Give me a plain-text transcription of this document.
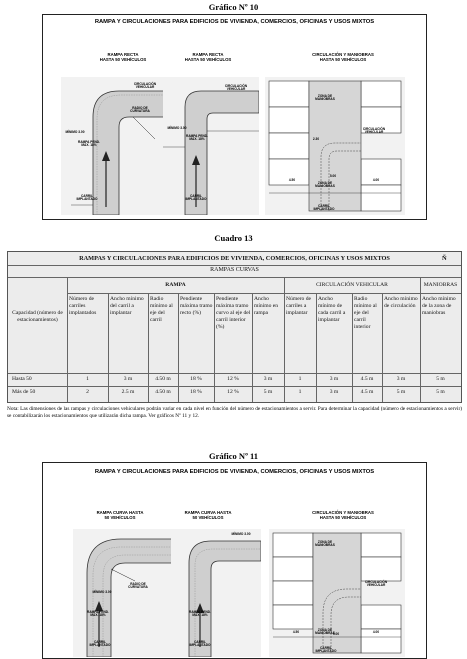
Gráfico Nº 10
RAMPA Y CIRCULACIONES PARA EDIFICIOS DE VIVIENDA, COMERCIOS, OFICINAS Y USOS MIXTOS
RAMPA RECTA
HASTA 50 VEHÍCULOS
CIRCULACIÓN VEHICULAR
RADIO DE CURVATURA
MÍNIMO 3.00
RAMPA PEND. MÁX. 18%
CARRIL IMPLANTADO
RAMPA RECTA
HASTA 50 VEHÍCULOS
CIRCULACIÓN VEHICULAR
MÍNIMO 3.00
RAMPA PEND. MÁX. 18%
CARRIL IMPLANTADO
CIRCULACIÓN Y MANIOBRAS
HASTA 50 VEHÍCULOS
ZONA DE MANIOBRAS
CIRCULACIÓN VEHICULAR
ZONA DE MANIOBRAS
4.50
5.00
4.00
2.30
CARRIL IMPLANTADO
Cuadro 13
RAMPAS Y CIRCULACIONES PARA EDIFICIOS DE VIVIENDA, COMERCIOS, OFICINAS Y USOS MIXTOS	Ñ
RAMPAS CURVAS
RAMPA	CIRCULACIÓN VEHICULAR	MANIOBRAS
Capacidad (número de estacionamientos)
Número de carriles implantados
Ancho mínimo del carril a implantar
Radio mínimo al eje del carril
Pendiente máxima tramo recto (%)
Pendiente máxima tramo curvo al eje del carril interior (%)
Ancho mínimo en rampa
Número de carriles a implantar
Ancho mínimo de cada carril a implantar
Radio mínimo al eje del carril interior
Ancho mínimo de circulación
Ancho mínimo de la zona de maniobras
Hasta 50	1	3 m	4.50 m	18 %	12 %	3 m	1	3 m	4.5 m	3 m	5 m
Más de 50	2	2.5 m	4.50 m	18 %	12 %	5 m	1	3 m	4.5 m	5 m	5 m
Nota: Las dimensiones de las rampas y circulaciones vehiculares podrán variar en cada nivel en función del número de estacionamientos a servir. Para determinar la capacidad (número de estacionamientos a servir) se contabilizarán los estacionamientos que utilizarán dicha rampa. Ver gráficos Nº 11 y 12.
Gráfico Nº 11
RAMPA Y CIRCULACIONES PARA EDIFICIOS DE VIVIENDA, COMERCIOS, OFICINAS Y USOS MIXTOS
RAMPA CURVA HASTA
50 VEHÍCULOS
RADIO DE CURVATURA
MÍNIMO 3.00
RAMPA PEND. MÁX. 18%
CARRIL IMPLANTADO
RAMPA CURVA HASTA
50 VEHÍCULOS
MÍNIMO 3.00
RAMPA PEND. MÁX. 18%
CARRIL IMPLANTADO
CIRCULACIÓN Y MANIOBRAS
HASTA 50 VEHÍCULOS
ZONA DE MANIOBRAS
CIRCULACIÓN VEHICULAR
ZONA DE MANIOBRAS
4.50	5.00	4.00
CARRIL IMPLANTADO
